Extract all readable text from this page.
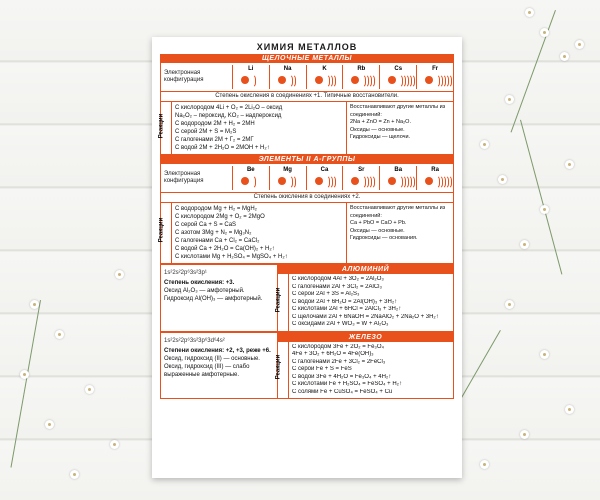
ХИМИЯ МЕТАЛЛОВ
ЩЕЛОЧНЫЕ МЕТАЛЛЫ
Электронная конфигурация
Li	Na	K	Rb	Cs	Fr
Степень окисления в соединениях +1. Типичные восстановители.
Реакции
С кислородом 4Li + O₂ = 2Li₂O – оксид
Na₂O₂ – пероксид, KO₂ – надпероксид
С водородом 2M + H₂ = 2MH
С серой 2M + S = M₂S
С галогенами 2M + Г₂ = 2MГ
С водой 2M + 2H₂O = 2MOH + H₂↑
Восстанавливают другие металлы из соединений:
2Na + ZnO = Zn + Na₂O.
Оксиды — основные.
Гидроксиды — щелочи.
ЭЛЕМЕНТЫ II А-ГРУППЫ
Электронная конфигурация
Be	Mg	Ca	Sr	Ba	Ra
Степень окисления в соединениях +2.
Реакции
С водородом Mg + H₂ = MgH₂
С кислородом 2Mg + O₂ = 2MgO
С серой Ca + S = CaS
С азотом 3Mg + N₂ = Mg₃N₂
С галогенами Ca + Cl₂ = CaCl₂
С водой Ca + 2H₂O = Ca(OH)₂ + H₂↑
С кислотами Mg + H₂SO₄ = MgSO₄ + H₂↑
Восстанавливают другие металлы из соединений:
Ca + PbO = CaO + Pb.
Оксиды — основные.
Гидроксиды — основания.
1s²2s²2p⁶3s²3p¹
Степень окисления: +3.
Оксид Al₂O₃ — амфотерный.
Гидроксид Al(OH)₃ — амфотерный.
АЛЮМИНИЙ
Реакции
С кислородом 4Al + 3O₂ = 2Al₂O₃
С галогенами 2Al + 3Cl₂ = 2AlCl₃
С серой 2Al + 3S = Al₂S₃
С водой 2Al + 6H₂O = 2Al(OH)₃ + 3H₂↑
С кислотами 2Al + 6HCl = 2AlCl₃ + 3H₂↑
С щелочами 2Al + 6NaOH = 2NaAlO₂ + 2Na₂O + 3H₂↑
С оксидами 2Al + WO₃ = W + Al₂O₃
1s²2s²2p⁶3s²3p⁶3d⁶4s²
Степени окисления: +2, +3, реже +6.
Оксид, гидроксид (II) — основные.
Оксид, гидроксид (III) — слабо выраженные амфотерные.
ЖЕЛЕЗО
Реакции
С кислородом 3Fe + 2O₂ = Fe₃O₄
4Fe + 3O₂ + 6H₂O = 4Fe(OH)₃
С галогенами 2Fe + 3Cl₂ = 2FeCl₃
С серой Fe + S = FeS
С водой 3Fe + 4H₂O = Fe₃O₄ + 4H₂↑
С кислотами Fe + H₂SO₄ = FeSO₄ + H₂↑
С солями Fe + CuSO₄ = FeSO₄ + Cu
